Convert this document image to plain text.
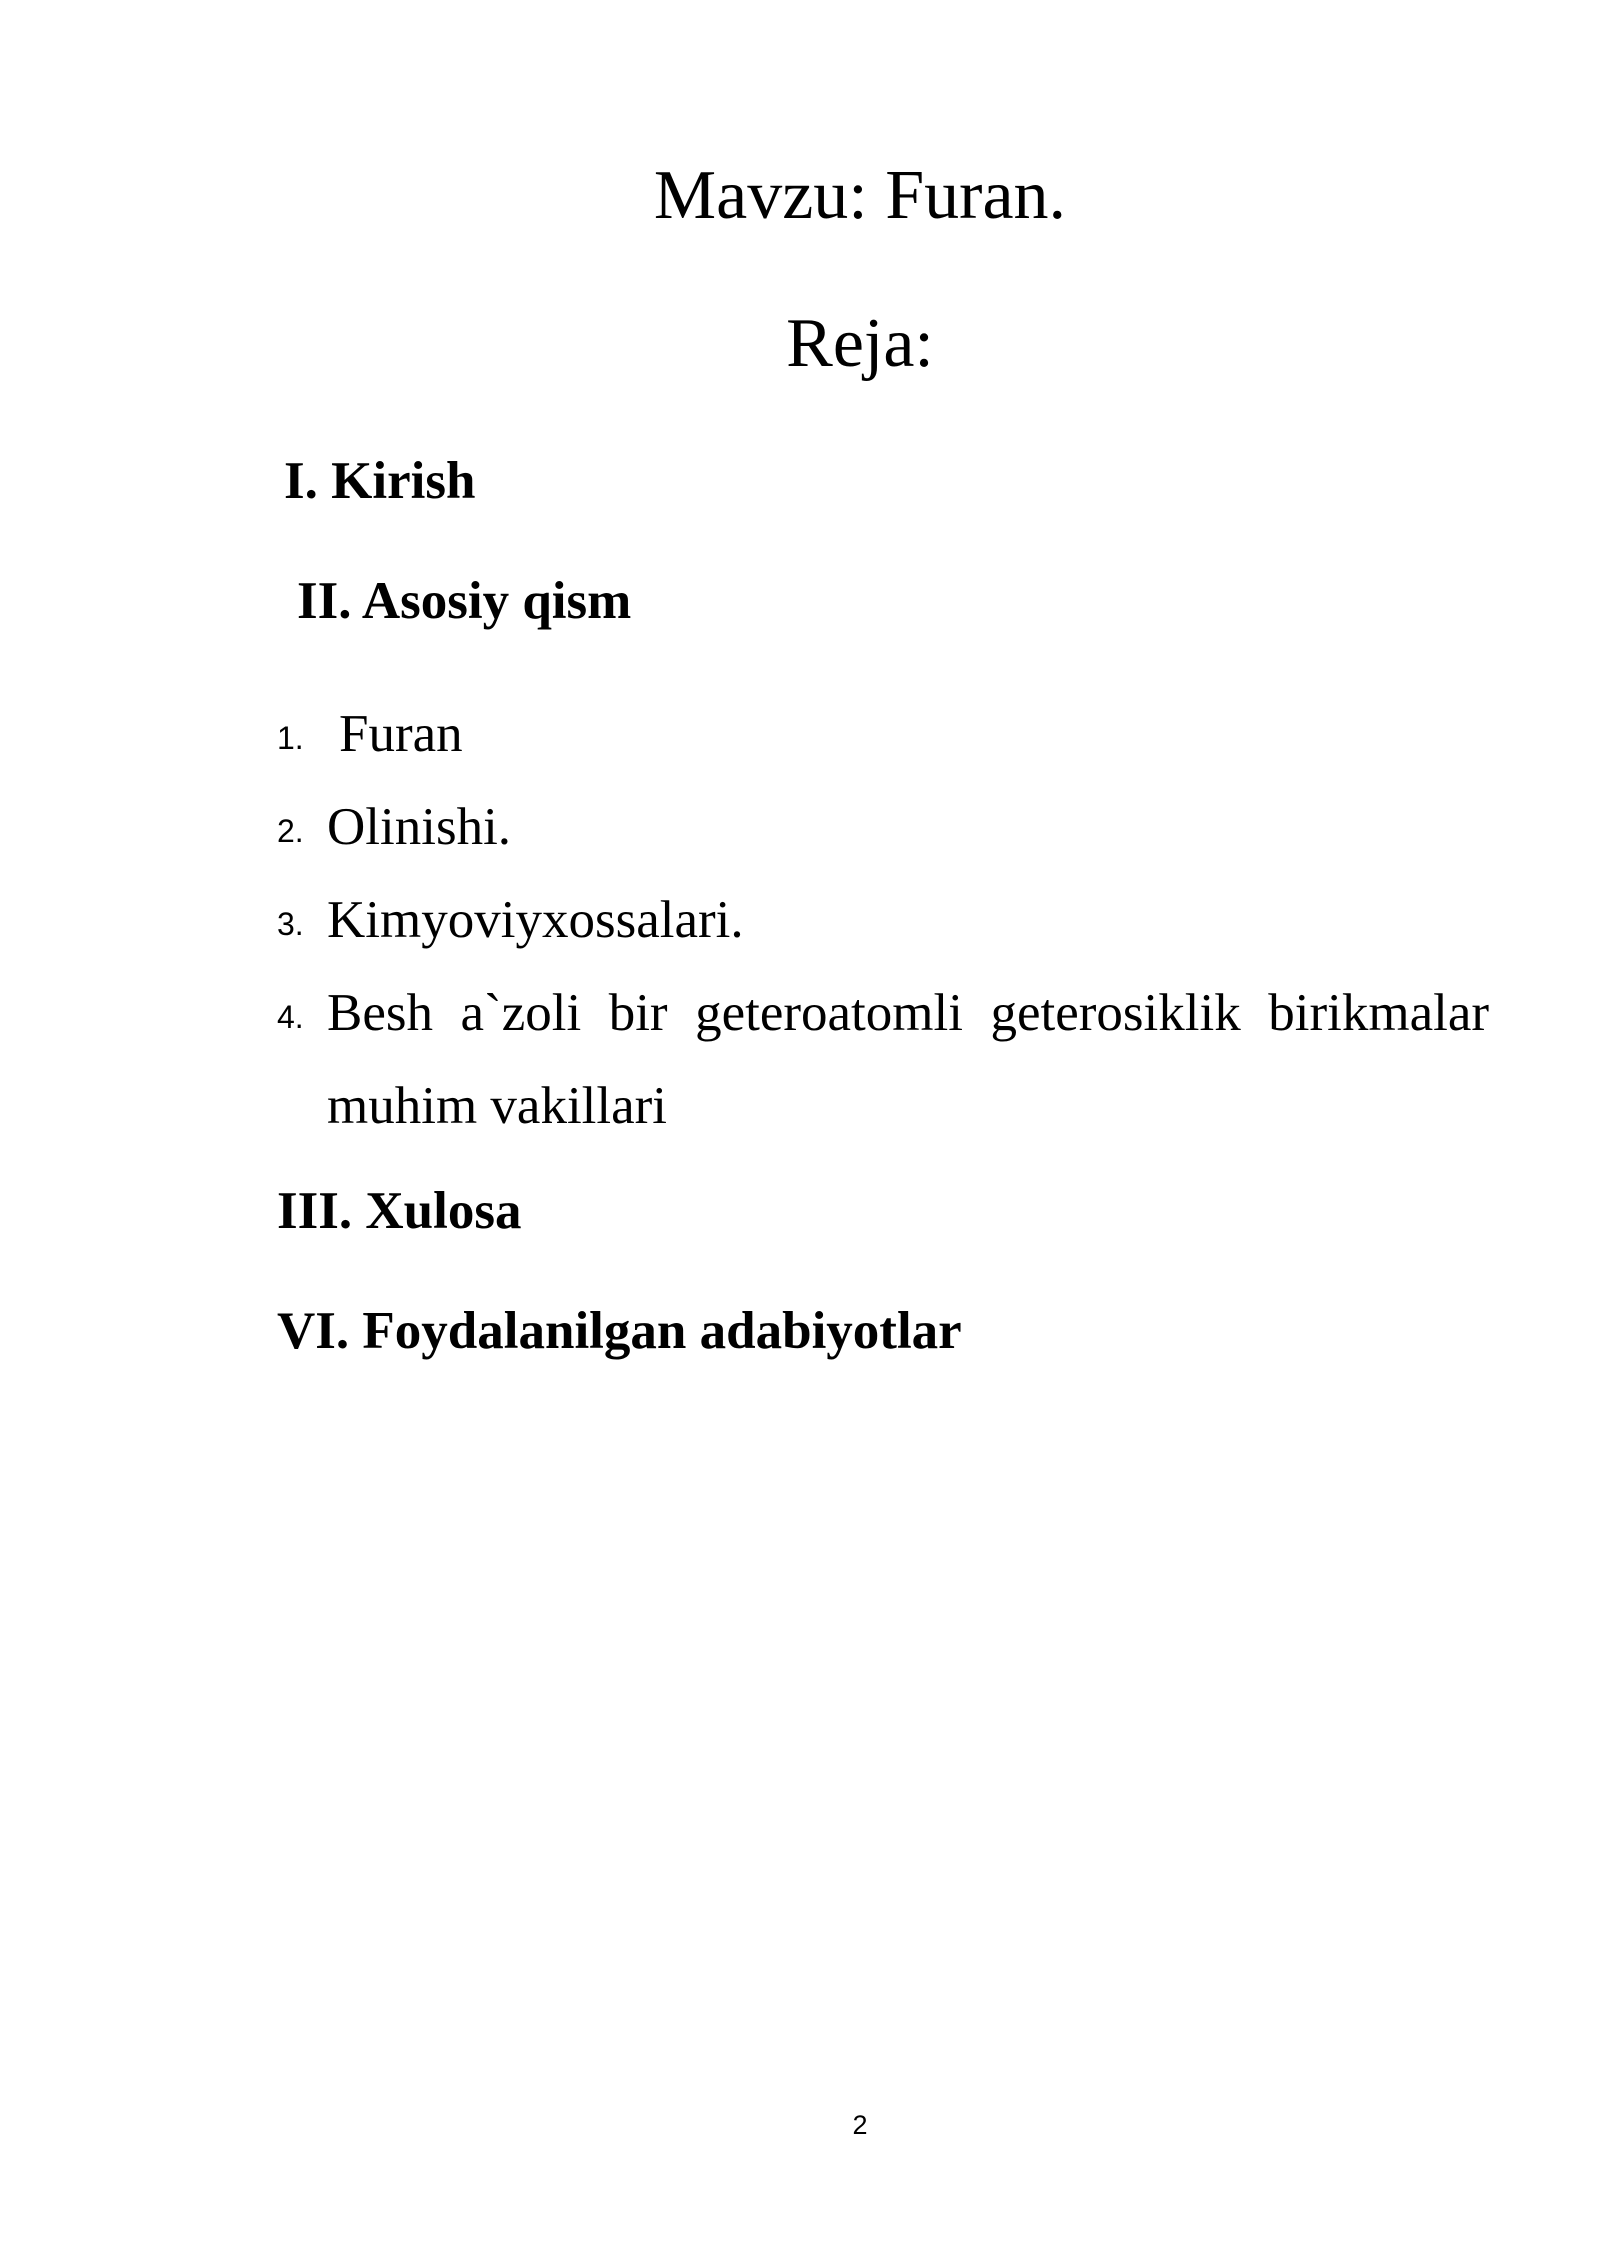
Mavzu: Furan.
Reja:
I. Kirish
II. Asosiy qism
1. Furan
2. Olinishi.
3. Kimyoviyxossalari.
4. Besh a`zoli bir geteroatomli geterosiklik birikmalar muhim vakillari
III. Xulosa
VI. Foydalanilgan adabiyotlar
2
